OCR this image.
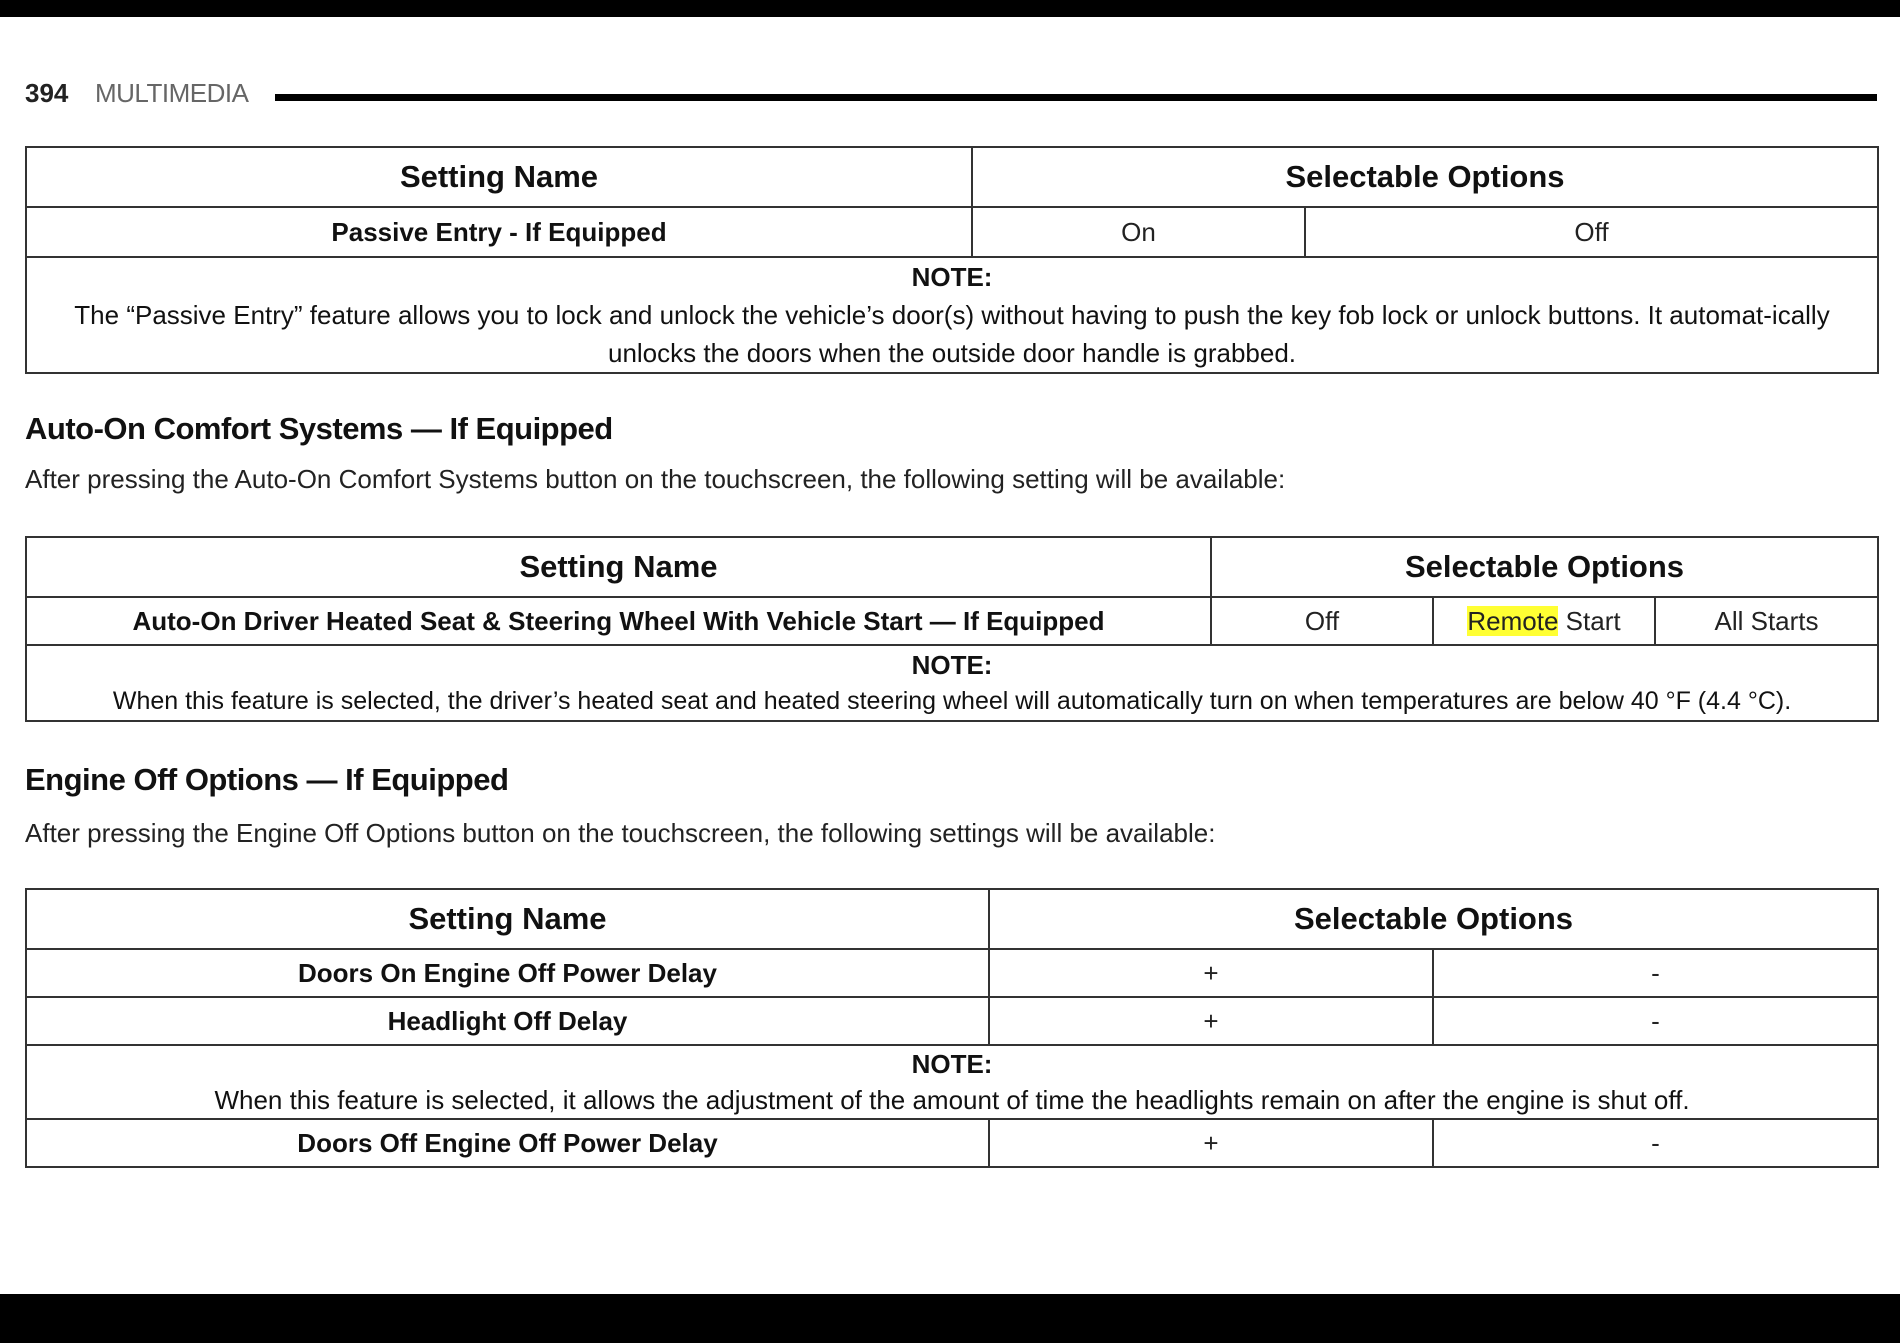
394 MULTIMEDIA
Setting Name	Selectable Options	
Passive Entry - If Equipped	On	Off

NOTE:
The “Passive Entry” feature allows you to lock and unlock the vehicle’s door(s) without having to push the key fob lock or unlock buttons. It automat-ically unlocks the doors when the outside door handle is grabbed.		
Auto-On Comfort Systems — If Equipped
After pressing the Auto-On Comfort Systems button on the touchscreen, the following setting will be available:
Setting Name	Selectable Options		
Auto-On Driver Heated Seat & Steering Wheel With Vehicle Start — If Equipped	Off	Remote Start	All Starts

NOTE:
When this feature is selected, the driver’s heated seat and heated steering wheel will automatically turn on when temperatures are below 40 °F (4.4 °C).			
Engine Off Options — If Equipped
After pressing the Engine Off Options button on the touchscreen, the following settings will be available:
Setting Name	Selectable Options	
Doors On Engine Off Power Delay	+	-
Headlight Off Delay	+	-

NOTE:
When this feature is selected, it allows the adjustment of the amount of time the headlights remain on after the engine is shut off.		

Doors Off Engine Off Power Delay	+	-
